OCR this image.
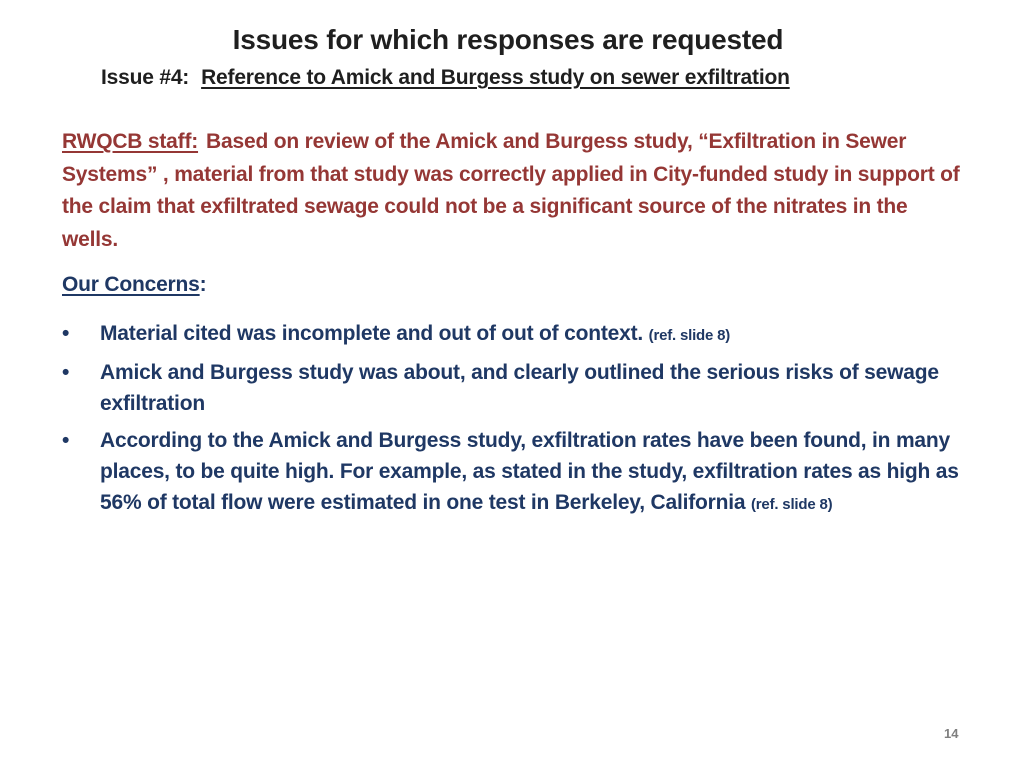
Issues for which responses are requested
Issue #4: Reference to Amick and Burgess study on sewer exfiltration
RWQCB staff: Based on review of the Amick and Burgess study, “Exfiltration in Sewer Systems” , material from that study was correctly applied in City-funded study in support of the claim that exfiltrated sewage could not be a significant source of the nitrates in the wells.
Our Concerns:
•	Material cited was incomplete and out of out of context. (ref. slide 8)
•	Amick and Burgess study was about, and clearly outlined the serious risks of sewage exfiltration
•	According to the Amick and Burgess study, exfiltration rates have been found, in many places, to be quite high. For example, as stated in the study, exfiltration rates as high as 56% of total flow were estimated in one test in Berkeley, California (ref. slide 8)
14
